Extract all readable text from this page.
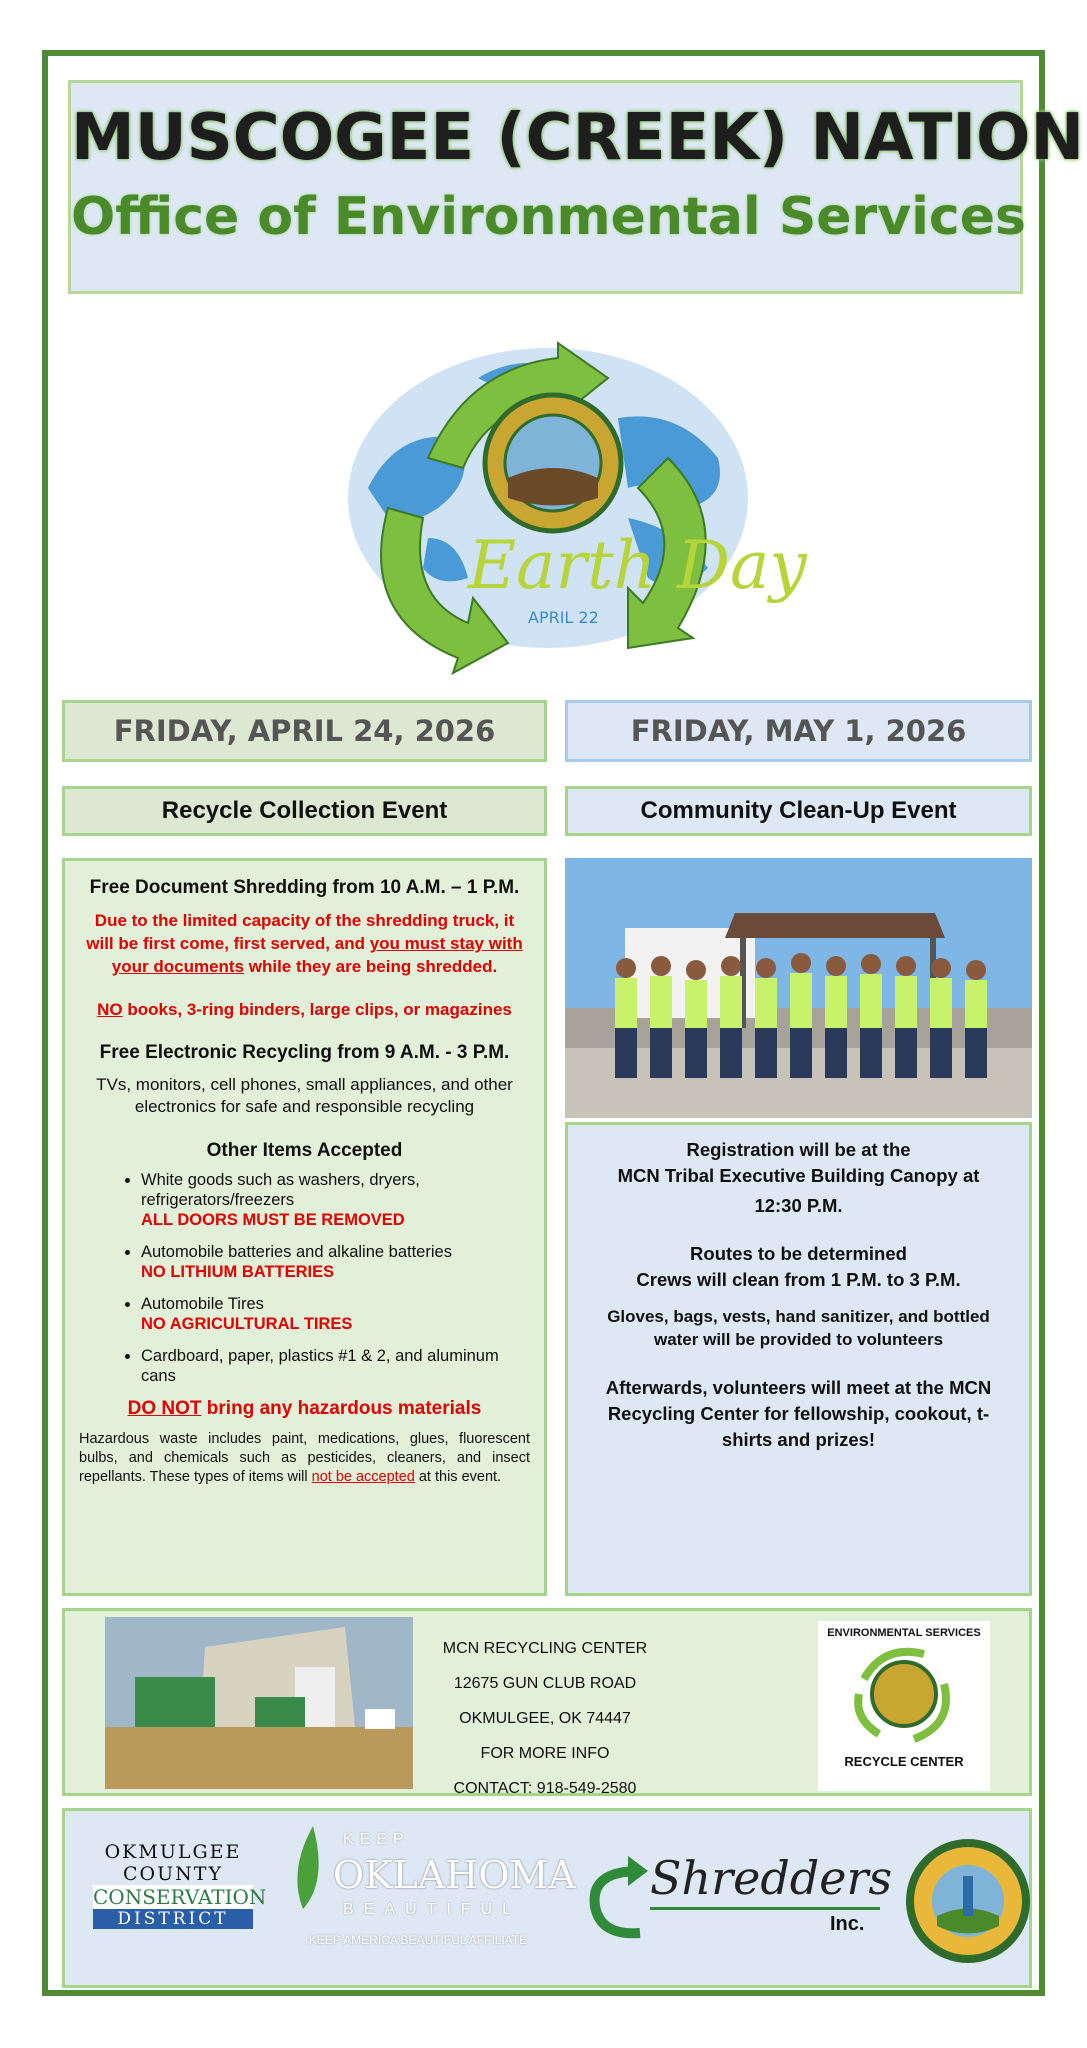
MUSCOGEE (CREEK) NATION
Office of Environmental Services
Earth Day
APRIL 22
FRIDAY, APRIL 24, 2026	FRIDAY, MAY 1, 2026
Recycle Collection Event	Community Clean-Up Event
Free Document Shredding from 10 A.M. – 1 P.M.
Due to the limited capacity of the shredding truck, it will be first come, first served, and you must stay with your documents while they are being shredded.
NO books, 3-ring binders, large clips, or magazines
Free Electronic Recycling from 9 A.M. - 3 P.M.
TVs, monitors, cell phones, small appliances, and other electronics for safe and responsible recycling
Other Items Accepted
• White goods such as washers, dryers, refrigerators/freezers
ALL DOORS MUST BE REMOVED
• Automobile batteries and alkaline batteries
NO LITHIUM BATTERIES
• Automobile Tires
NO AGRICULTURAL TIRES
• Cardboard, paper, plastics #1 & 2, and aluminum cans
DO NOT bring any hazardous materials
Hazardous waste includes paint, medications, glues, fluorescent bulbs, and chemicals such as pesticides, cleaners, and insect repellants. These types of items will not be accepted at this event.
Registration will be at the
MCN Tribal Executive Building Canopy at
12:30 P.M.
Routes to be determined
Crews will clean from 1 P.M. to 3 P.M.
Gloves, bags, vests, hand sanitizer, and bottled water will be provided to volunteers
Afterwards, volunteers will meet at the MCN Recycling Center for fellowship, cookout, t-shirts and prizes!
MCN RECYCLING CENTER
12675 GUN CLUB ROAD
OKMULGEE, OK 74447
FOR MORE INFO
CONTACT: 918-549-2580
ENVIRONMENTAL SERVICES
RECYCLE CENTER
OKMULGEE
COUNTY
CONSERVATION
DISTRICT
KEEP
OKLAHOMA
BEAUTIFUL
KEEP AMERICA BEAUTIFUL AFFILIATE
Shredders
Inc.
